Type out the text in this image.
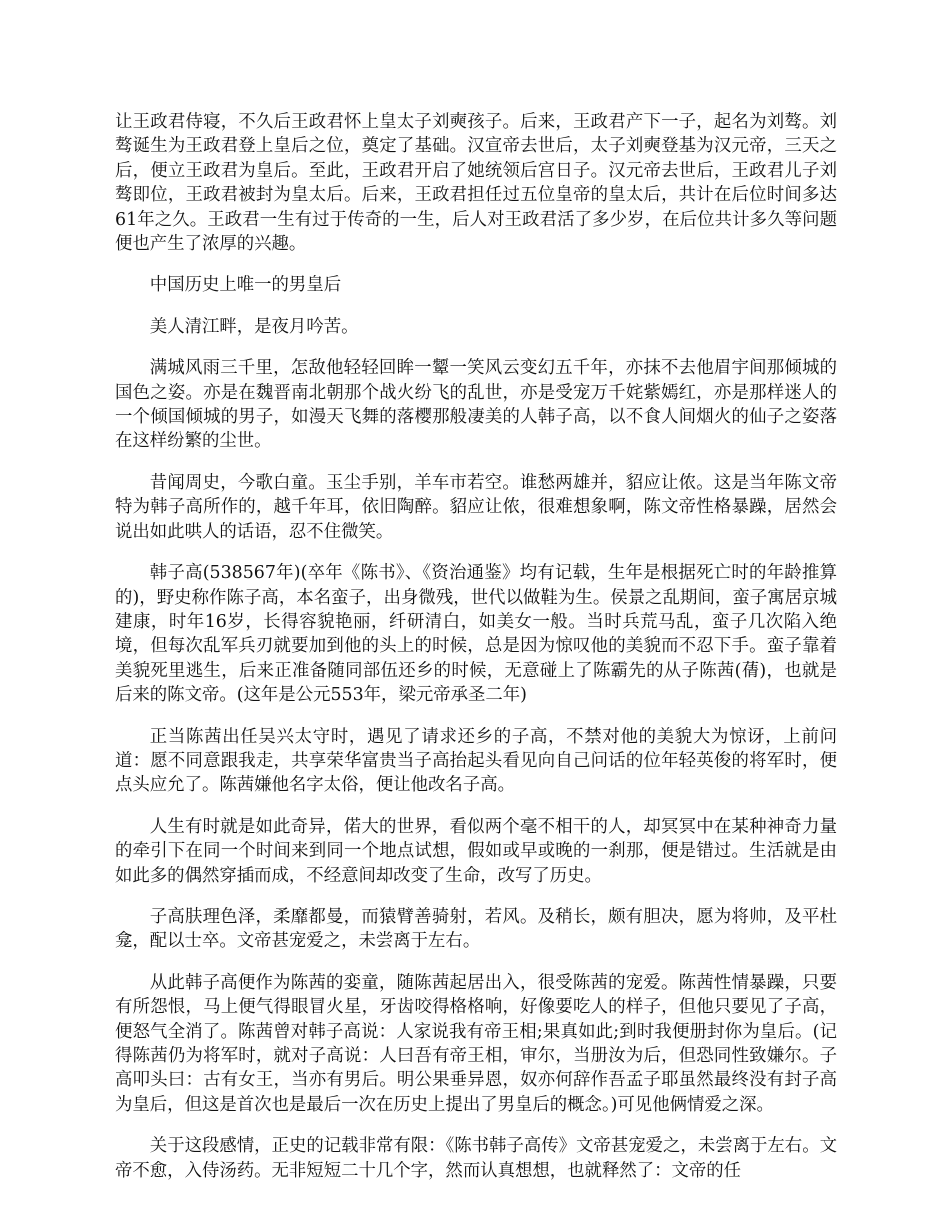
让王政君侍寝，不久后王政君怀上皇太子刘奭孩子。后来，王政君产下一子，起名为刘骜。刘骜诞生为王政君登上皇后之位，奠定了基础。汉宣帝去世后，太子刘奭登基为汉元帝，三天之后，便立王政君为皇后。至此，王政君开启了她统领后宫日子。汉元帝去世后，王政君儿子刘骜即位，王政君被封为皇太后。后来，王政君担任过五位皇帝的皇太后，共计在后位时间多达61年之久。王政君一生有过于传奇的一生，后人对王政君活了多少岁，在后位共计多久等问题便也产生了浓厚的兴趣。

中国历史上唯一的男皇后

美人清江畔，是夜月吟苦。

满城风雨三千里，怎敌他轻轻回眸一颦一笑风云变幻五千年，亦抹不去他眉宇间那倾城的国色之姿。亦是在魏晋南北朝那个战火纷飞的乱世，亦是受宠万千姹紫嫣红，亦是那样迷人的一个倾国倾城的男子，如漫天飞舞的落樱那般凄美的人韩子高，以不食人间烟火的仙子之姿落在这样纷繁的尘世。

昔闻周史，今歌白童。玉尘手别，羊车市若空。谁愁两雄并，貂应让侬。这是当年陈文帝特为韩子高所作的，越千年耳，依旧陶醉。貂应让侬，很难想象啊，陈文帝性格暴躁，居然会说出如此哄人的话语，忍不住微笑。

韩子高(538567年)(卒年《陈书》、《资治通鉴》均有记载，生年是根据死亡时的年龄推算的)，野史称作陈子高，本名蛮子，出身微残，世代以做鞋为生。侯景之乱期间，蛮子寓居京城建康，时年16岁，长得容貌艳丽，纤研清白，如美女一般。当时兵荒马乱，蛮子几次陷入绝境，但每次乱军兵刃就要加到他的头上的时候，总是因为惊叹他的美貌而不忍下手。蛮子靠着美貌死里逃生，后来正准备随同部伍还乡的时候，无意碰上了陈霸先的从子陈茜(蒨)，也就是后来的陈文帝。(这年是公元553年，梁元帝承圣二年)

正当陈茜出任吴兴太守时，遇见了请求还乡的子高，不禁对他的美貌大为惊讶，上前问道：愿不同意跟我走，共享荣华富贵当子高抬起头看见向自己问话的位年轻英俊的将军时，便点头应允了。陈茜嫌他名字太俗，便让他改名子高。

人生有时就是如此奇异，偌大的世界，看似两个毫不相干的人，却冥冥中在某种神奇力量的牵引下在同一个时间来到同一个地点试想，假如或早或晚的一刹那，便是错过。生活就是由如此多的偶然穿插而成，不经意间却改变了生命，改写了历史。

子高肤理色泽，柔靡都曼，而猿臂善骑射，若风。及稍长，颇有胆决，愿为将帅，及平杜龛，配以士卒。文帝甚宠爱之，未尝离于左右。

从此韩子高便作为陈茜的娈童，随陈茜起居出入，很受陈茜的宠爱。陈茜性情暴躁，只要有所怨恨，马上便气得眼冒火星，牙齿咬得格格响，好像要吃人的样子，但他只要见了子高，便怒气全消了。陈茜曾对韩子高说：人家说我有帝王相;果真如此;到时我便册封你为皇后。(记得陈茜仍为将军时，就对子高说：人曰吾有帝王相，审尔，当册汝为后，但恐同性致嫌尔。子高叩头曰：古有女王，当亦有男后。明公果垂异恩，奴亦何辞作吾孟子耶虽然最终没有封子高为皇后，但这是首次也是最后一次在历史上提出了男皇后的概念。)可见他俩情爱之深。

关于这段感情，正史的记载非常有限：《陈书韩子高传》文帝甚宠爱之，未尝离于左右。文帝不愈，入侍汤药。无非短短二十几个字，然而认真想想，也就释然了：文帝的任
